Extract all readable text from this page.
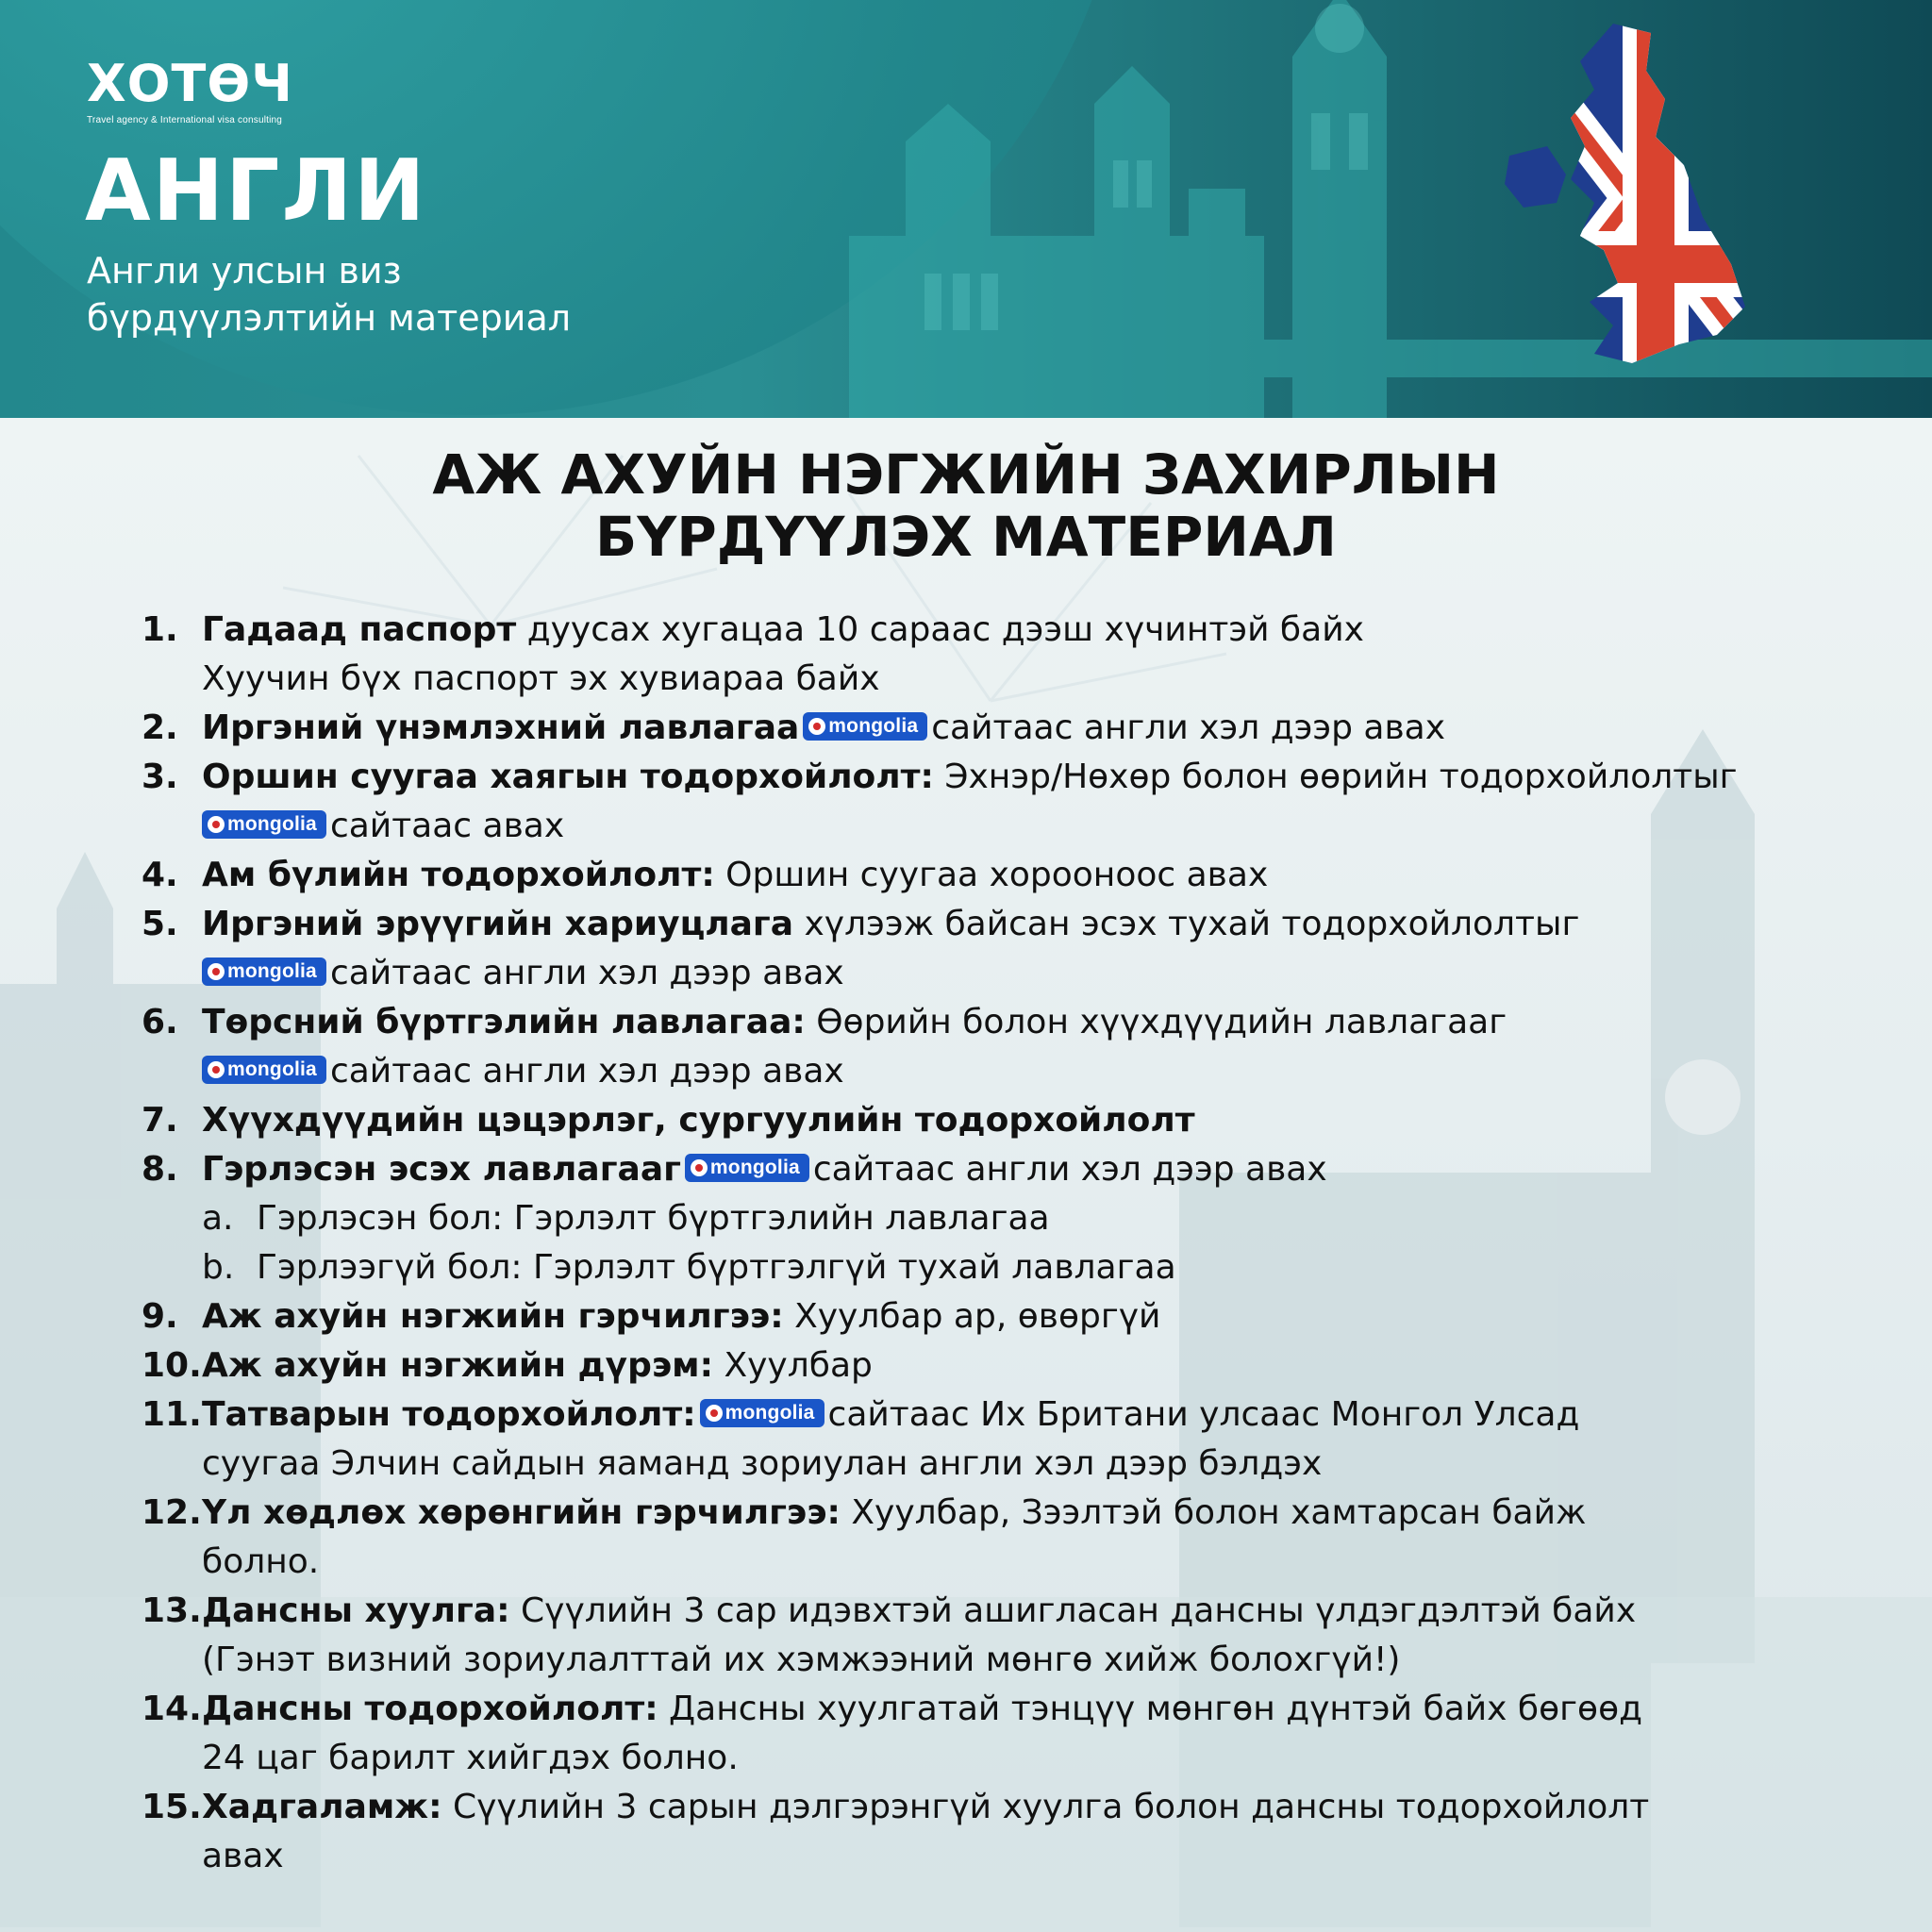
ХОТӨЧ
Travel agency & International visa consulting
АНГЛИ
Англи улсын виз
бүрдүүлэлтийн материал
АЖ АХУЙН НЭГЖИЙН ЗАХИРЛЫН
БҮРДҮҮЛЭХ МАТЕРИАЛ
1. Гадаад паспорт дуусах хугацаа 10 сараас дээш хүчинтэй байх
Хуучин бүх паспорт эх хувиараа байх
2. Иргэний үнэмлэхний лавлагаа mongolia сайтаас англи хэл дээр авах
3. Оршин суугаа хаягын тодорхойлолт: Эхнэр/Нөхөр болон өөрийн тодорхойлолтыг
mongolia сайтаас авах
4. Ам бүлийн тодорхойлолт: Оршин суугаа хорооноос авах
5. Иргэний эрүүгийн хариуцлага хүлээж байсан эсэх тухай тодорхойлолтыг
mongolia сайтаас англи хэл дээр авах
6. Төрсний бүртгэлийн лавлагаа: Өөрийн болон хүүхдүүдийн лавлагааг
mongolia сайтаас англи хэл дээр авах
7. Хүүхдүүдийн цэцэрлэг, сургуулийн тодорхойлолт
8. Гэрлэсэн эсэх лавлагааг mongolia сайтаас англи хэл дээр авах
a. Гэрлэсэн бол: Гэрлэлт бүртгэлийн лавлагаа
b. Гэрлээгүй бол: Гэрлэлт бүртгэлгүй тухай лавлагаа
9. Аж ахуйн нэгжийн гэрчилгээ: Хуулбар ар, өвөргүй
10. Аж ахуйн нэгжийн дүрэм: Хуулбар
11. Татварын тодорхойлолт: mongolia сайтаас Их Британи улсаас Монгол Улсад
суугаа Элчин сайдын яаманд зориулан англи хэл дээр бэлдэх
12. Үл хөдлөх хөрөнгийн гэрчилгээ: Хуулбар, Зээлтэй болон хамтарсан байж
болно.
13. Дансны хуулга: Сүүлийн 3 сар идэвхтэй ашигласан дансны үлдэгдэлтэй байх
(Гэнэт визний зориулалттай их хэмжээний мөнгө хийж болохгүй!)
14. Дансны тодорхойлолт: Дансны хуулгатай тэнцүү мөнгөн дүнтэй байх бөгөөд
24 цаг барилт хийгдэх болно.
15. Хадгаламж: Сүүлийн 3 сарын дэлгэрэнгүй хуулга болон дансны тодорхойлолт
авах
